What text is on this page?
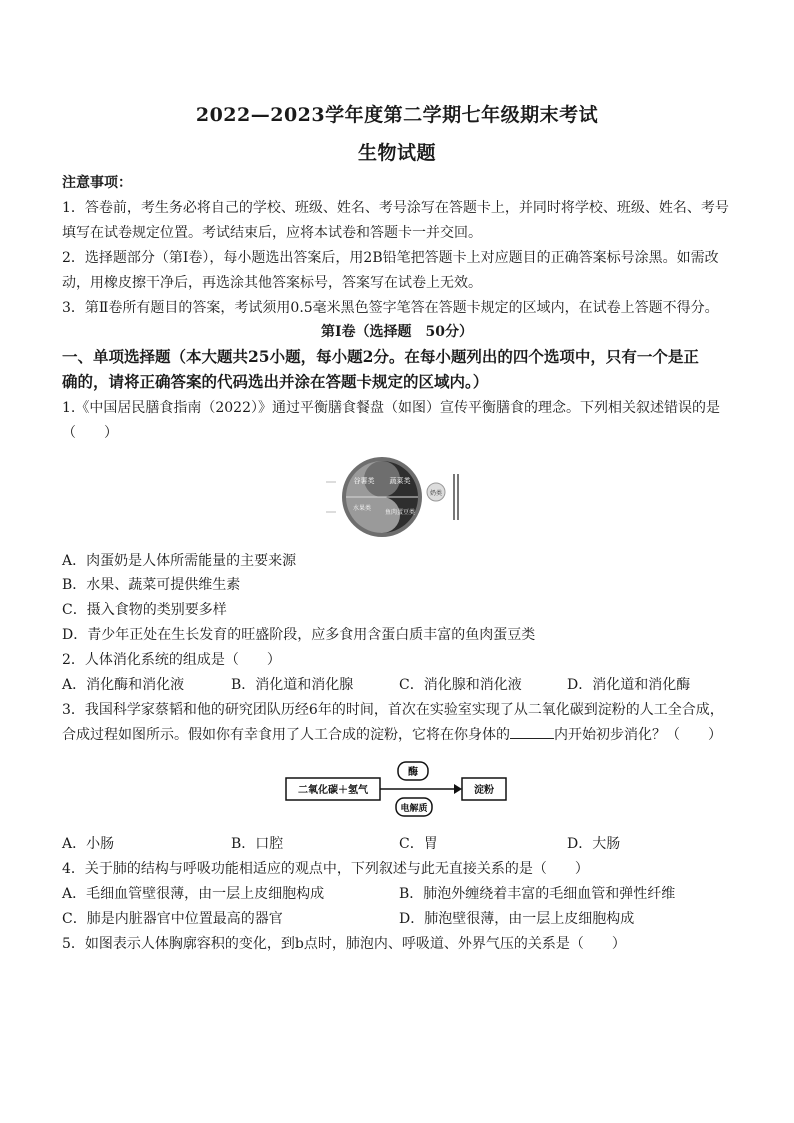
2022—2023学年度第二学期七年级期末考试
生物试题
注意事项：
1．答卷前，考生务必将自己的学校、班级、姓名、考号涂写在答题卡上，并同时将学校、班级、姓名、考号
填写在试卷规定位置。考试结束后，应将本试卷和答题卡一并交回。
2．选择题部分（第Ⅰ卷），每小题选出答案后，用2B铅笔把答题卡上对应题目的正确答案标号涂黑。如需改
动，用橡皮擦干净后，再选涂其他答案标号，答案写在试卷上无效。
3．第Ⅱ卷所有题目的答案，考试须用0.5毫米黑色签字笔答在答题卡规定的区域内，在试卷上答题不得分。
第Ⅰ卷（选择题　50分）
一、单项选择题（本大题共25小题，每小题2分。在每小题列出的四个选项中，只有一个是正
确的，请将正确答案的代码选出并涂在答题卡规定的区域内。）
1.《中国居民膳食指南（2022）》通过平衡膳食餐盘（如图）宣传平衡膳食的理念。下列相关叙述错误的是
（　　）
谷薯类 蔬菜类
水果类
鱼肉蛋豆类
奶类
A．肉蛋奶是人体所需能量的主要来源
B．水果、蔬菜可提供维生素
C．摄入食物的类别要多样
D．青少年正处在生长发育的旺盛阶段，应多食用含蛋白质丰富的鱼肉蛋豆类
2．人体消化系统的组成是（　　）
A．消化酶和消化液	B．消化道和消化腺	C．消化腺和消化液	D．消化道和消化酶
3．我国科学家蔡韬和他的研究团队历经6年的时间，首次在实验室实现了从二氧化碳到淀粉的人工全合成，
合成过程如图所示。假如你有幸食用了人工合成的淀粉，它将在你身体的	内开始初步消化？（　　）
二氧化碳＋氢气
酶
电解质
淀粉
A．小肠	B．口腔	C．胃	D．大肠
4．关于肺的结构与呼吸功能相适应的观点中，下列叙述与此无直接关系的是（　　）
A．毛细血管壁很薄，由一层上皮细胞构成	B．肺泡外缠绕着丰富的毛细血管和弹性纤维
C．肺是内脏器官中位置最高的器官	D．肺泡壁很薄，由一层上皮细胞构成
5．如图表示人体胸廓容积的变化，到b点时，肺泡内、呼吸道、外界气压的关系是（　　）
